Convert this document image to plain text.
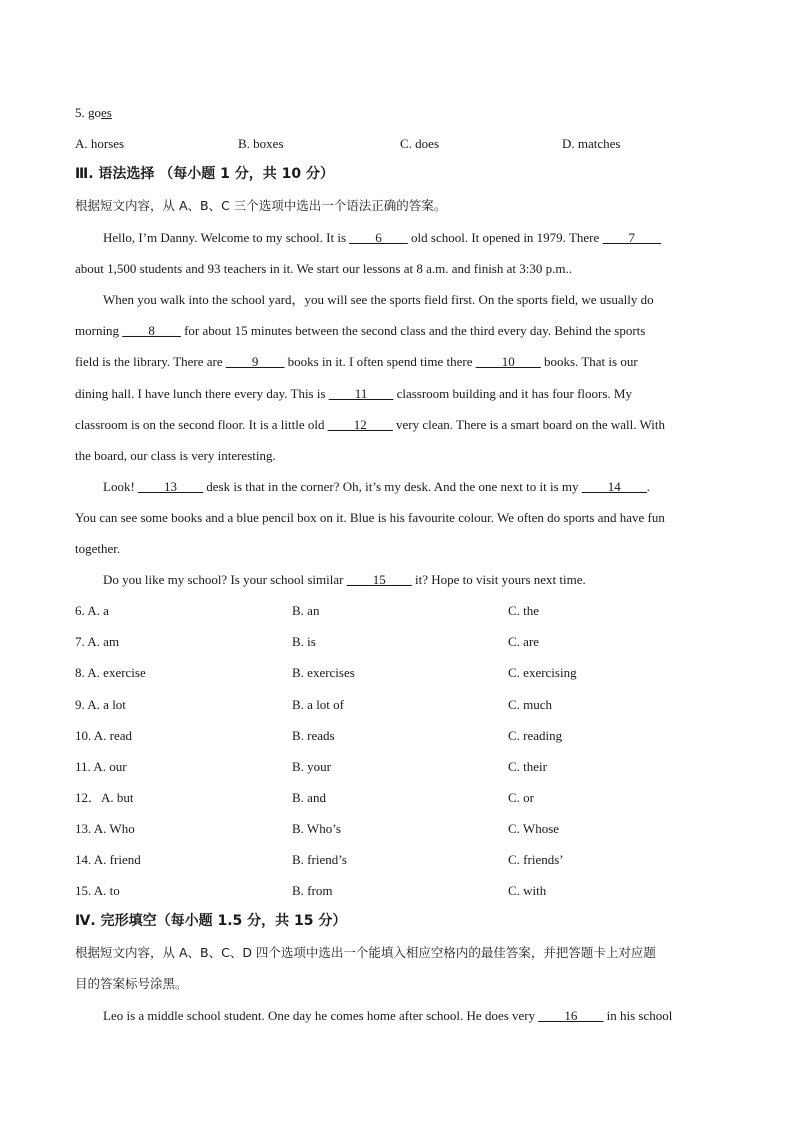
5. goes
A. horses	B. boxes	C. does	D. matches
Ⅲ. 语法选择 （每小题 1 分，共 10 分）
根据短文内容，从 A、B、C 三个选项中选出一个语法正确的答案。
Hello, I’m Danny. Welcome to my school. It is ____6____ old school. It opened in 1979. There ____7____
about 1,500 students and 93 teachers in it. We start our lessons at 8 a.m. and finish at 3:30 p.m..
When you walk into the school yard，you will see the sports field first. On the sports field, we usually do
morning ____8____ for about 15 minutes between the second class and the third every day. Behind the sports
field is the library. There are ____9____ books in it. I often spend time there ____10____ books. That is our
dining hall. I have lunch there every day. This is ____11____ classroom building and it has four floors. My
classroom is on the second floor. It is a little old ____12____ very clean. There is a smart board on the wall. With
the board, our class is very interesting.
Look! ____13____ desk is that in the corner? Oh, it’s my desk. And the one next to it is my ____14____.
You can see some books and a blue pencil box on it. Blue is his favourite colour. We often do sports and have fun
together.
Do you like my school? Is your school similar ____15____ it? Hope to visit yours next time.
6. A. a	B. an	C. the
7. A. am	B. is	C. are
8. A. exercise	B. exercises	C. exercising
9. A. a lot	B. a lot of	C. much
10. A. read	B. reads	C. reading
11. A. our	B. your	C. their
12．A. but	B. and	C. or
13. A. Who	B. Who’s	C. Whose
14. A. friend	B. friend’s	C. friends’
15. A. to	B. from	C. with
Ⅳ. 完形填空（每小题 1.5 分，共 15 分）
根据短文内容，从 A、B、C、D 四个选项中选出一个能填入相应空格内的最佳答案，并把答题卡上对应题
目的答案标号涂黑。
Leo is a middle school student. One day he comes home after school. He does very ____16____ in his school
